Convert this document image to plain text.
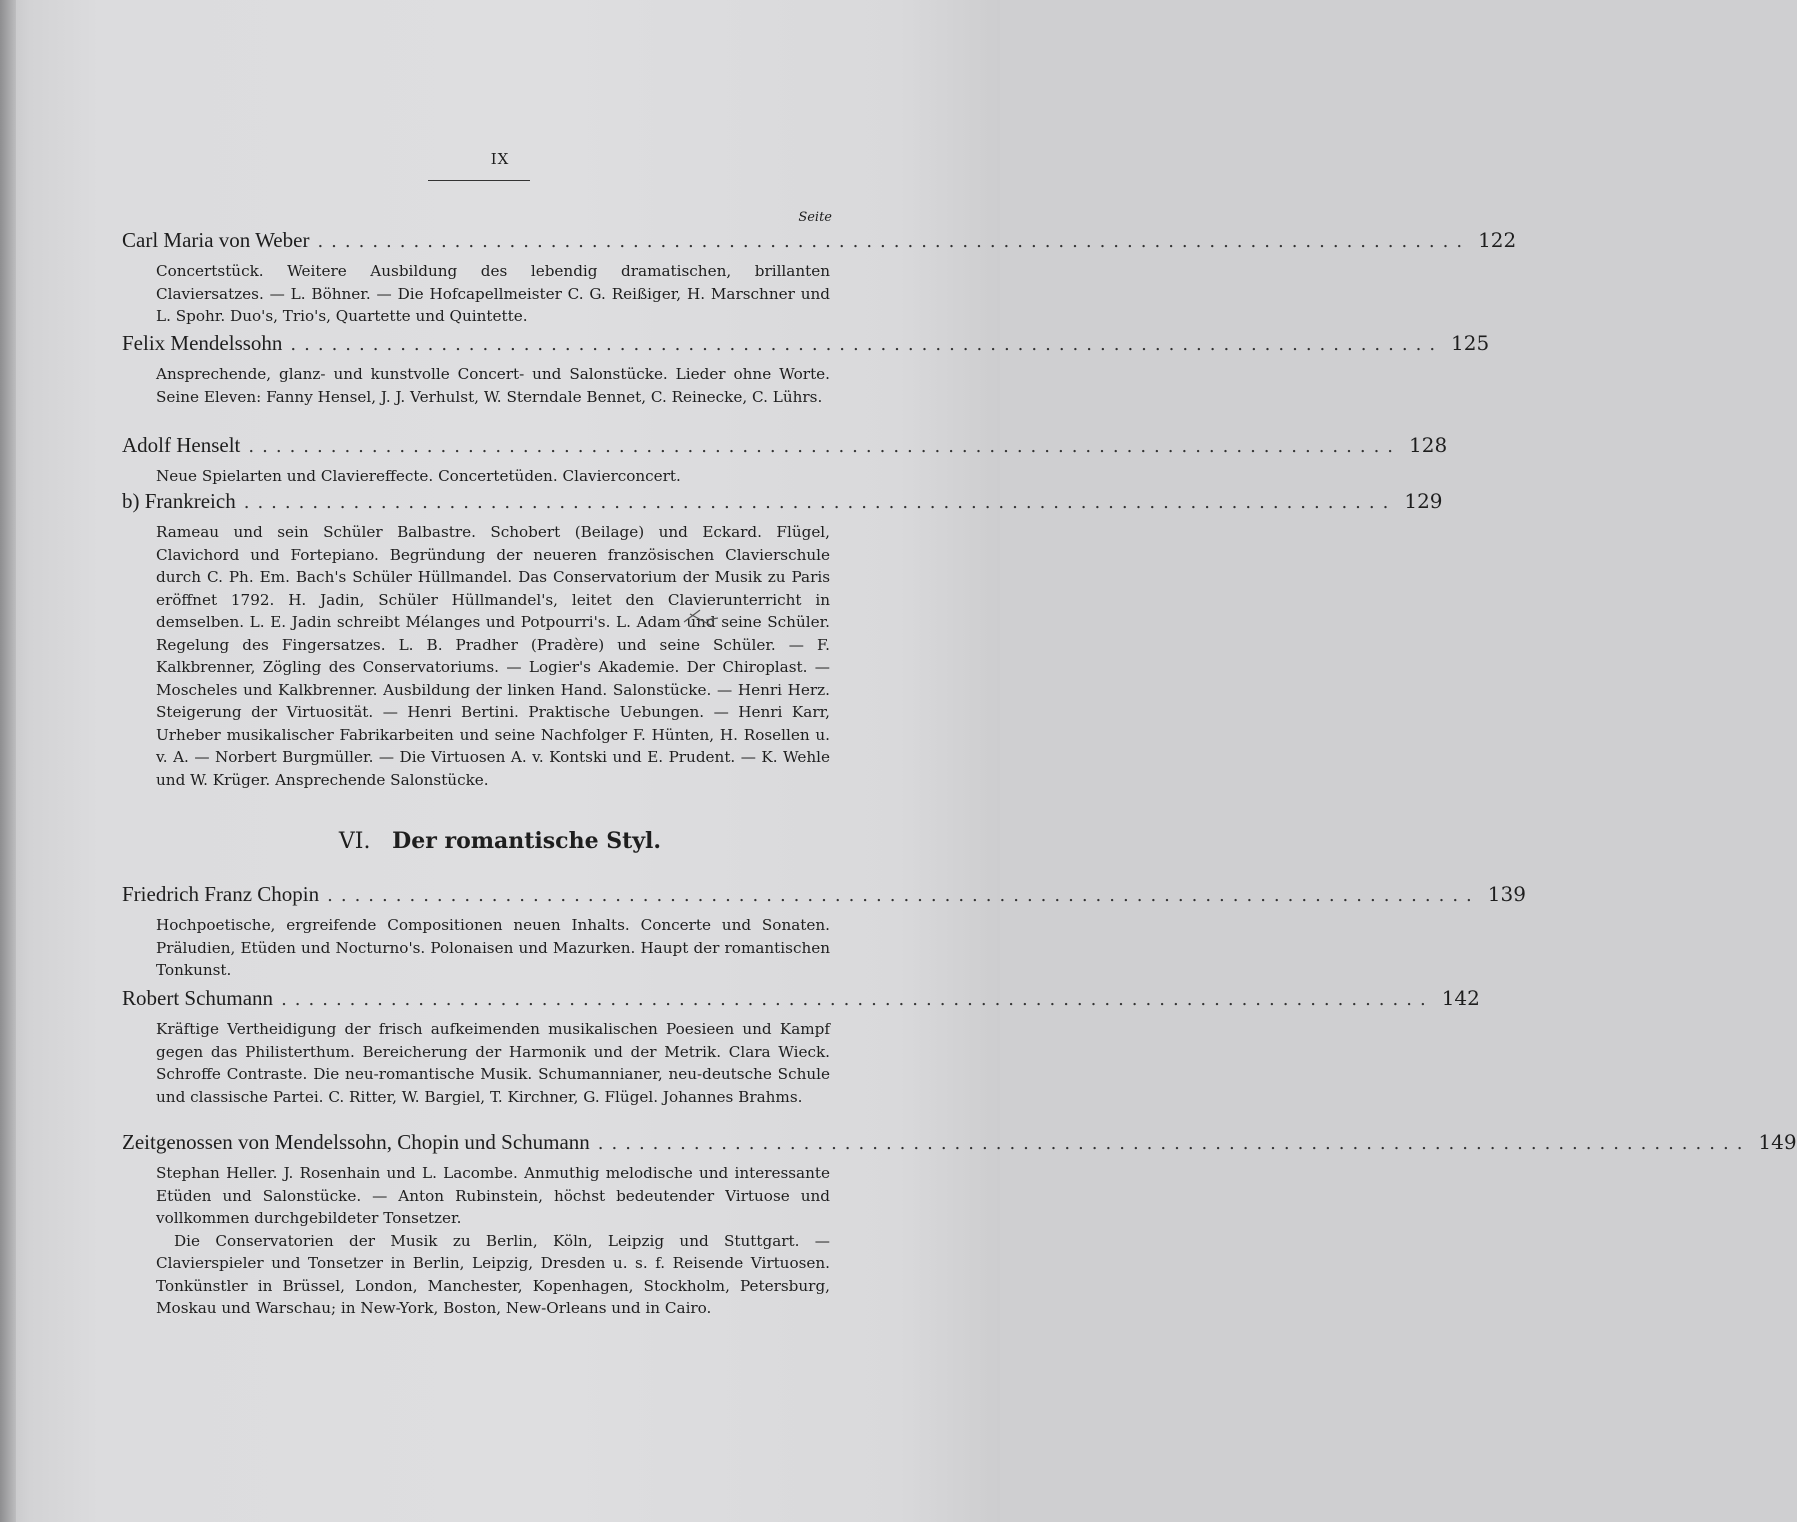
IX
Seite
Carl Maria von Weber .................................................................................... 122

Concertstück. Weitere Ausbildung des lebendig dramatischen, brillanten Claviersatzes. — L. Böhner. — Die Hofcapellmeister C. G. Reißiger, H. Marschner und L. Spohr. Duo's, Trio's, Quartette und Quintette.

Felix Mendelssohn .................................................................................... 125

Ansprechende, glanz- und kunstvolle Concert- und Salonstücke. Lieder ohne Worte. Seine Eleven: Fanny Hensel, J. J. Verhulst, W. Sterndale Bennet, C. Reinecke, C. Lührs.

Adolf Henselt .................................................................................... 128

Neue Spielarten und Claviereffecte. Concertetüden. Clavierconcert.

b) Frankreich .................................................................................... 129

Rameau und sein Schüler Balbastre. Schobert (Beilage) und Eckard. Flügel, Clavichord und Fortepiano. Begründung der neueren französischen Clavierschule durch C. Ph. Em. Bach's Schüler Hüllmandel. Das Conservatorium der Musik zu Paris eröffnet 1792. H. Jadin, Schüler Hüllmandel's, leitet den Clavierunterricht in demselben. L. E. Jadin schreibt Mélanges und Potpourri's. L. Adam und seine Schüler. Regelung des Fingersatzes. L. B. Pradher (Pradère) und seine Schüler. — F. Kalkbrenner, Zögling des Conservatoriums. — Logier's Akademie. Der Chiroplast. — Moscheles und Kalkbrenner. Ausbildung der linken Hand. Salonstücke. — Henri Herz. Steigerung der Virtuosität. — Henri Bertini. Praktische Uebungen. — Henri Karr, Urheber musikalischer Fabrikarbeiten und seine Nachfolger F. Hünten, H. Rosellen u. v. A. — Norbert Burgmüller. — Die Virtuosen A. v. Kontski und E. Prudent. — K. Wehle und W. Krüger. Ansprechende Salonstücke.

VI. Der romantische Styl.
Friedrich Franz Chopin .................................................................................... 139

Hochpoetische, ergreifende Compositionen neuen Inhalts. Concerte und Sonaten. Präludien, Etüden und Nocturno's. Polonaisen und Mazurken. Haupt der romantischen Tonkunst.

Robert Schumann .................................................................................... 142

Kräftige Vertheidigung der frisch aufkeimenden musikalischen Poesieen und Kampf gegen das Philisterthum. Bereicherung der Harmonik und der Metrik. Clara Wieck. Schroffe Contraste. Die neu-romantische Musik. Schumannianer, neu-deutsche Schule und classische Partei. C. Ritter, W. Bargiel, T. Kirchner, G. Flügel. Johannes Brahms.

Zeitgenossen von Mendelssohn, Chopin und Schumann .................................................................................... 149

Stephan Heller. J. Rosenhain und L. Lacombe. Anmuthig melodische und interessante Etüden und Salonstücke. — Anton Rubinstein, höchst bedeutender Virtuose und vollkommen durchgebildeter Tonsetzer.

Die Conservatorien der Musik zu Berlin, Köln, Leipzig und Stuttgart. — Clavierspieler und Tonsetzer in Berlin, Leipzig, Dresden u. s. f. Reisende Virtuosen. Tonkünstler in Brüssel, London, Manchester, Kopenhagen, Stockholm, Petersburg, Moskau und Warschau; in New-York, Boston, New-Orleans und in Cairo.
